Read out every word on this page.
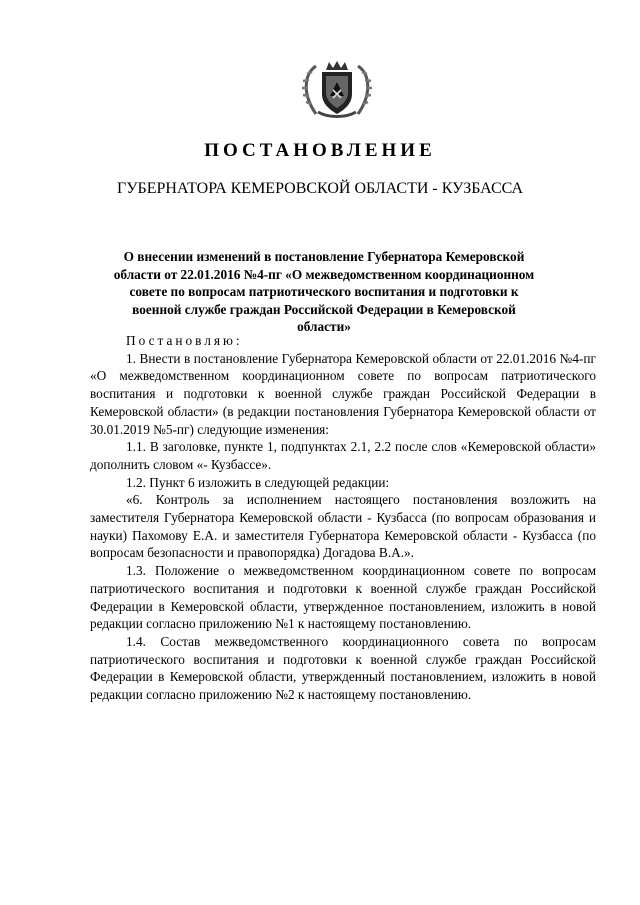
ПОСТАНОВЛЕНИЕ
ГУБЕРНАТОРА КЕМЕРОВСКОЙ ОБЛАСТИ - КУЗБАССА
О внесении изменений в постановление Губернатора Кемеровской области от 22.01.2016 №4-пг «О межведомственном координационном совете по вопросам патриотического воспитания и подготовки к военной службе граждан Российской Федерации в Кемеровской области»

Постановляю:

1. Внести в постановление Губернатора Кемеровской области от 22.01.2016 №4-пг «О межведомственном координационном совете по вопросам патриотического воспитания и подготовки к военной службе граждан Российской Федерации в Кемеровской области» (в редакции постановления Губернатора Кемеровской области от 30.01.2019 №5-пг) следующие изменения:

1.1. В заголовке, пункте 1, подпунктах 2.1, 2.2 после слов «Кемеровской области» дополнить словом «- Кузбассе».

1.2. Пункт 6 изложить в следующей редакции:

«6. Контроль за исполнением настоящего постановления возложить на заместителя Губернатора Кемеровской области - Кузбасса (по вопросам образования и науки) Пахомову Е.А. и заместителя Губернатора Кемеровской области - Кузбасса (по вопросам безопасности и правопорядка) Догадова В.А.».

1.3. Положение о межведомственном координационном совете по вопросам патриотического воспитания и подготовки к военной службе граждан Российской Федерации в Кемеровской области, утвержденное постановлением, изложить в новой редакции согласно приложению №1 к настоящему постановлению.

1.4. Состав межведомственного координационного совета по вопросам патриотического воспитания и подготовки к военной службе граждан Российской Федерации в Кемеровской области, утвержденный постановлением, изложить в новой редакции согласно приложению №2 к настоящему постановлению.
